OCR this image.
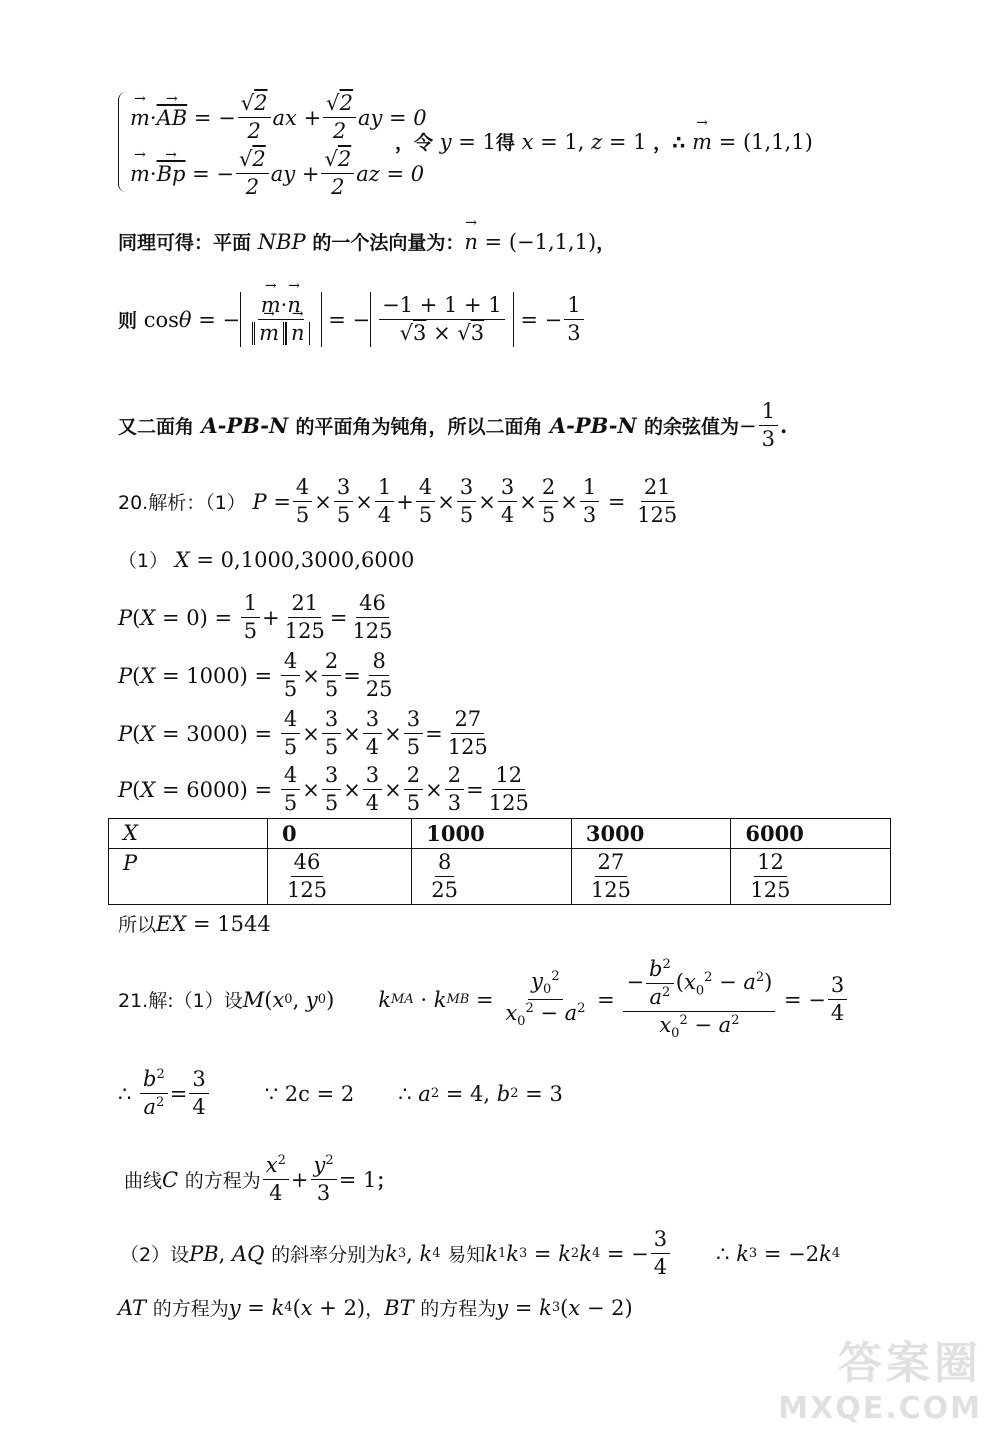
m → · $\overline{AB}$ → = − $\frac{√2}{2}$ ax + $\frac{√2}{2}$ ay = 0
m → · $\overline{Bp}$ → = − $\frac{√2}{2}$ ay + $\frac{√2}{2}$ az = 0
，令
y = 1 得
x = 1, z = 1 ，∴
m → = (1,1,1)
同理可得：平面
NBP
的一个法向量为： n → = (−1,1,1) ，
则 cos θ = − $\frac{m \to\cdot n \to}{m \to n}$ → = − $\frac{-1 + 1 + 1}{√3 \times √3}$ = − $\frac{1}{3}$
又二面角 A-PB-N 的平面角为钝角，所以二面角 A-PB-N 的余弦值为 − $\frac{1}{3}$ .
20.解析：（1）
$P = \frac{4}{5} \times \frac{3}{5} \times \frac{1}{4} + \frac{4}{5} \times \frac{3}{5} \times \frac{3}{4} \times \frac{2}{5} \times \frac{1}{3} = \frac{21}{125}$
（1）
X = 0,1000,3000,6000
P ( $X = 0) = \frac{1}{5} + \frac{21}{125} = \frac{46}{125}$
P ( $X = 1000) = \frac{4}{5} \times \frac{2}{5} = \frac{8}{25}$
P ( $X = 3000) = \frac{4}{5} \times \frac{3}{5} \times \frac{3}{4} \times \frac{3}{5} = \frac{27}{125}$
P ( $X = 6000) = \frac{4}{5} \times \frac{3}{5} \times \frac{3}{4} \times \frac{2}{5} \times \frac{2}{3} = \frac{12}{125}$
X	0	1000	3000	6000
P	$\frac{46}{125}$	$\frac{8}{25}$	$\frac{27}{125}$	$\frac{12}{125}$
所以 EX = 1544
21.解:（1）设 M ( x 0 , y 0 ) k MA · k MB = $\frac{y_0^2}{x_0^2 - a^2} = \frac{- \frac{b^2}{a^2} (x_0^2 - a^2)}{x_0^2 - a^2}$ = − $\frac{3}{4}$
∴ $\frac{b^2}{a^2} = \frac{3}{4}$	∵ 2c = 2
∴ a 2 = 4, b 2 = 3
曲线 C
的方程为 $\frac{x^2}{4} + \frac{y^2}{3} = 1$ ；
（2）设 PB , AQ
的斜率分别为 k 3 , k 4
易知 k 1 k 3 = k 2 k 4 = − $\frac{3}{4}$ ∴ k 3 = −2 k 4
AT
的方程为 y = k 4 ( x + 2) ， BT
的方程为 y = k 3 ( x − 2)
答案圈
MXQE.COM
